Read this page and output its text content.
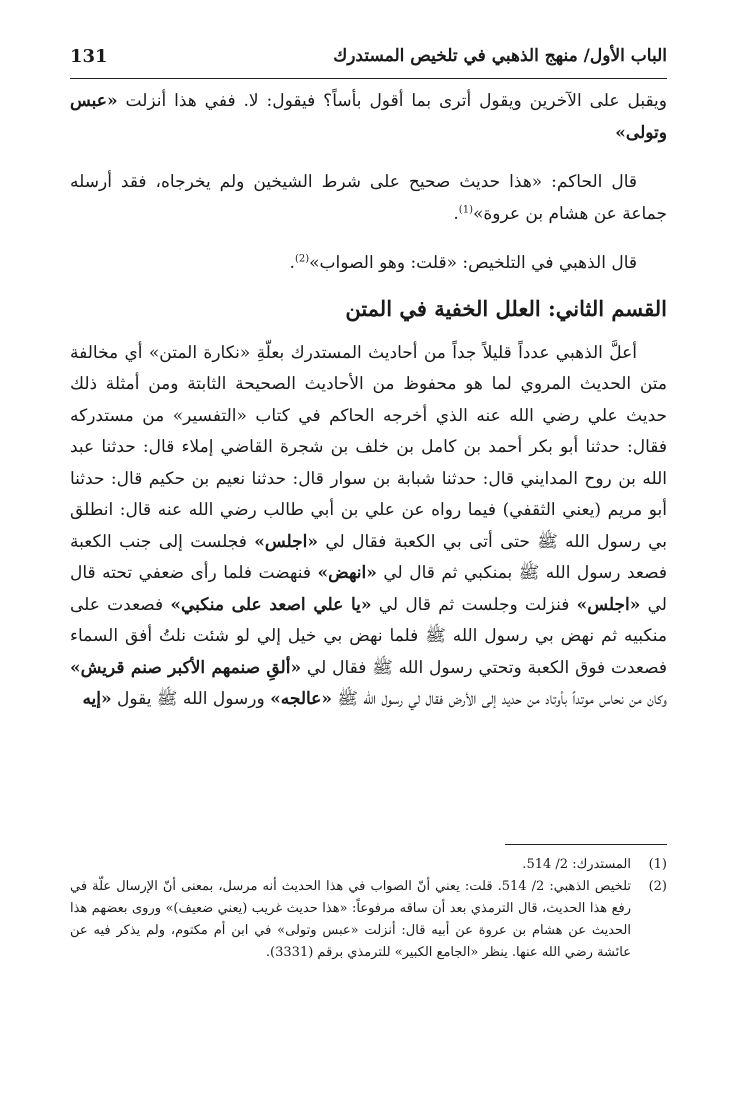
الباب الأول/ منهج الذهبي في تلخيص المستدرك
131

ويقبل على الآخرين ويقول أترى بما أقول بأساً؟ فيقول: لا. ففي هذا أنزلت «عبس وتولى»

قال الحاكم: «هذا حديث صحيح على شرط الشيخين ولم يخرجاه، فقد أرسله جماعة عن هشام بن عروة»$^{(1)}$.

قال الذهبي في التلخيص: «قلت: وهو الصواب»$^{(2)}$.

القسم الثاني: العلل الخفية في المتن

أعلَّ الذهبي عدداً قليلاً جداً من أحاديث المستدرك بعلّةِ «نكارة المتن» أي مخالفة متن الحديث المروي لما هو محفوظ من الأحاديث الصحيحة الثابتة ومن أمثلة ذلك حديث علي رضي الله عنه الذي أخرجه الحاكم في كتاب «التفسير» من مستدركه فقال: حدثنا أبو بكر أحمد بن كامل بن خلف بن شجرة القاضي إملاء قال: حدثنا عبد الله بن روح المدايني قال: حدثنا شبابة بن سوار قال: حدثنا نعيم بن حكيم قال: حدثنا أبو مريم (يعني الثقفي) فيما رواه عن علي بن أبي طالب رضي الله عنه قال: انطلق بي رسول الله ﷺ حتى أتى بي الكعبة فقال لي «اجلس» فجلست إلى جنب الكعبة فصعد رسول الله ﷺ بمنكبي ثم قال لي «انهض» فنهضت فلما رأى ضعفي تحته قال لي «اجلس» فنزلت وجلست ثم قال لي «يا علي اصعد على منكبي» فصعدت على منكبيه ثم نهض بي رسول الله ﷺ فلما نهض بي خيل إلي لو شئت نلتُ أفق السماء فصعدت فوق الكعبة وتحتي رسول الله ﷺ فقال لي «ألقِ صنمهم الأكبر صنم قريش» وكان من نحاس موتداً بأوتاد من حديد إلى الأرض فقال لي رسول الله ﷺ «عالجه» ورسول الله ﷺ يقول «إيه

(1)
المستدرك: 2/ 514.
(2)
تلخيص الذهبي: 2/ 514. قلت: يعني أنّ الصواب في هذا الحديث أنه مرسل، بمعنى أنّ الإرسال علّة في رفع هذا الحديث، قال الترمذي بعد أن ساقه مرفوعاً: «هذا حديث غريب (يعني ضعيف)» وروى بعضهم هذا الحديث عن هشام بن عروة عن أبيه قال: أنزلت «عبس وتولى» في ابن أم مكتوم، ولم يذكر فيه عن عائشة رضي الله عنها. ينظر «الجامع الكبير» للترمذي برقم (3331).
